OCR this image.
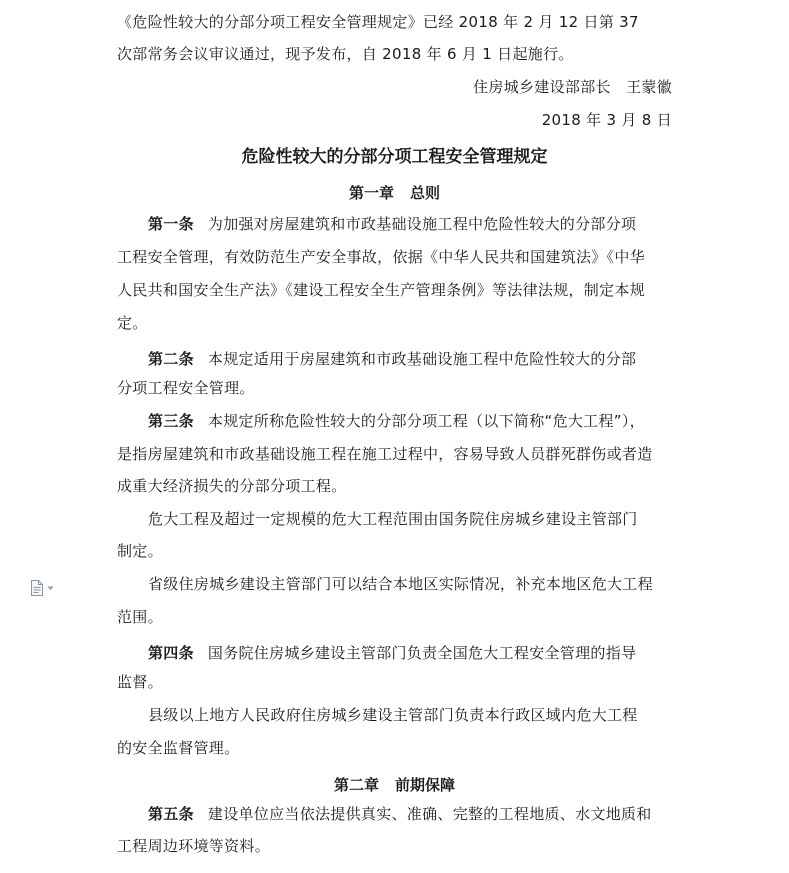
《危险性较大的分部分项工程安全管理规定》已经 2018 年 2 月 12 日第 37
次部常务会议审议通过，现予发布，自 2018 年 6 月 1 日起施行。
住房城乡建设部部长　王蒙徽
2018 年 3 月 8 日
危险性较大的分部分项工程安全管理规定
第一章 总则
第一条 为加强对房屋建筑和市政基础设施工程中危险性较大的分部分项
工程安全管理，有效防范生产安全事故，依据《中华人民共和国建筑法》《中华
人民共和国安全生产法》《建设工程安全生产管理条例》等法律法规，制定本规
定。
第二条 本规定适用于房屋建筑和市政基础设施工程中危险性较大的分部
分项工程安全管理。
第三条 本规定所称危险性较大的分部分项工程（以下简称“危大工程”），
是指房屋建筑和市政基础设施工程在施工过程中，容易导致人员群死群伤或者造
成重大经济损失的分部分项工程。
危大工程及超过一定规模的危大工程范围由国务院住房城乡建设主管部门
制定。
省级住房城乡建设主管部门可以结合本地区实际情况，补充本地区危大工程
范围。
第四条 国务院住房城乡建设主管部门负责全国危大工程安全管理的指导
监督。
县级以上地方人民政府住房城乡建设主管部门负责本行政区域内危大工程
的安全监督管理。
第二章 前期保障
第五条 建设单位应当依法提供真实、准确、完整的工程地质、水文地质和
工程周边环境等资料。
